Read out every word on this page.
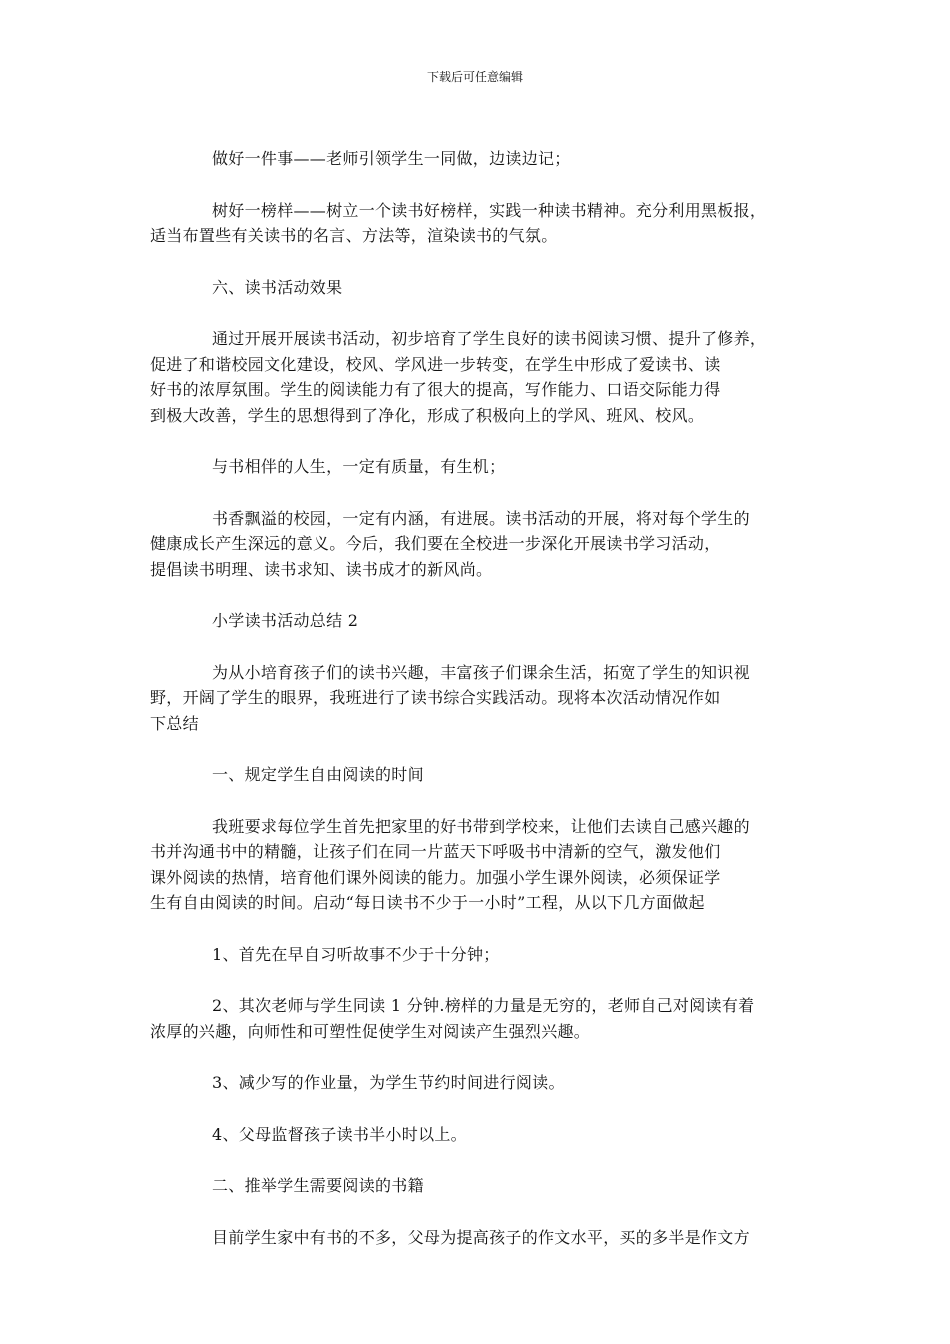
下载后可任意编辑

做好一件事——老师引领学生一同做，边读边记；

树好一榜样——树立一个读书好榜样，实践一种读书精神。充分利用黑板报，
适当布置些有关读书的名言、方法等，渲染读书的气氛。

六、读书活动效果

通过开展开展读书活动，初步培育了学生良好的读书阅读习惯、提升了修养，
促进了和谐校园文化建设，校风、学风进一步转变，在学生中形成了爱读书、读
好书的浓厚氛围。学生的阅读能力有了很大的提高，写作能力、口语交际能力得
到极大改善，学生的思想得到了净化，形成了积极向上的学风、班风、校风。

与书相伴的人生，一定有质量，有生机；

书香飘溢的校园，一定有内涵，有进展。读书活动的开展，将对每个学生的
健康成长产生深远的意义。今后，我们要在全校进一步深化开展读书学习活动，
提倡读书明理、读书求知、读书成才的新风尚。

小学读书活动总结 2

为从小培育孩子们的读书兴趣，丰富孩子们课余生活，拓宽了学生的知识视
野，开阔了学生的眼界，我班进行了读书综合实践活动。现将本次活动情况作如
下总结

一、规定学生自由阅读的时间

我班要求每位学生首先把家里的好书带到学校来，让他们去读自己感兴趣的
书并沟通书中的精髓，让孩子们在同一片蓝天下呼吸书中清新的空气，激发他们
课外阅读的热情，培育他们课外阅读的能力。加强小学生课外阅读，必须保证学
生有自由阅读的时间。启动“每日读书不少于一小时”工程，从以下几方面做起

1、首先在早自习听故事不少于十分钟；

2、其次老师与学生同读 1 分钟.榜样的力量是无穷的，老师自己对阅读有着
浓厚的兴趣，向师性和可塑性促使学生对阅读产生强烈兴趣。

3、减少写的作业量，为学生节约时间进行阅读。

4、父母监督孩子读书半小时以上。

二、推举学生需要阅读的书籍

目前学生家中有书的不多，父母为提高孩子的作文水平，买的多半是作文方
